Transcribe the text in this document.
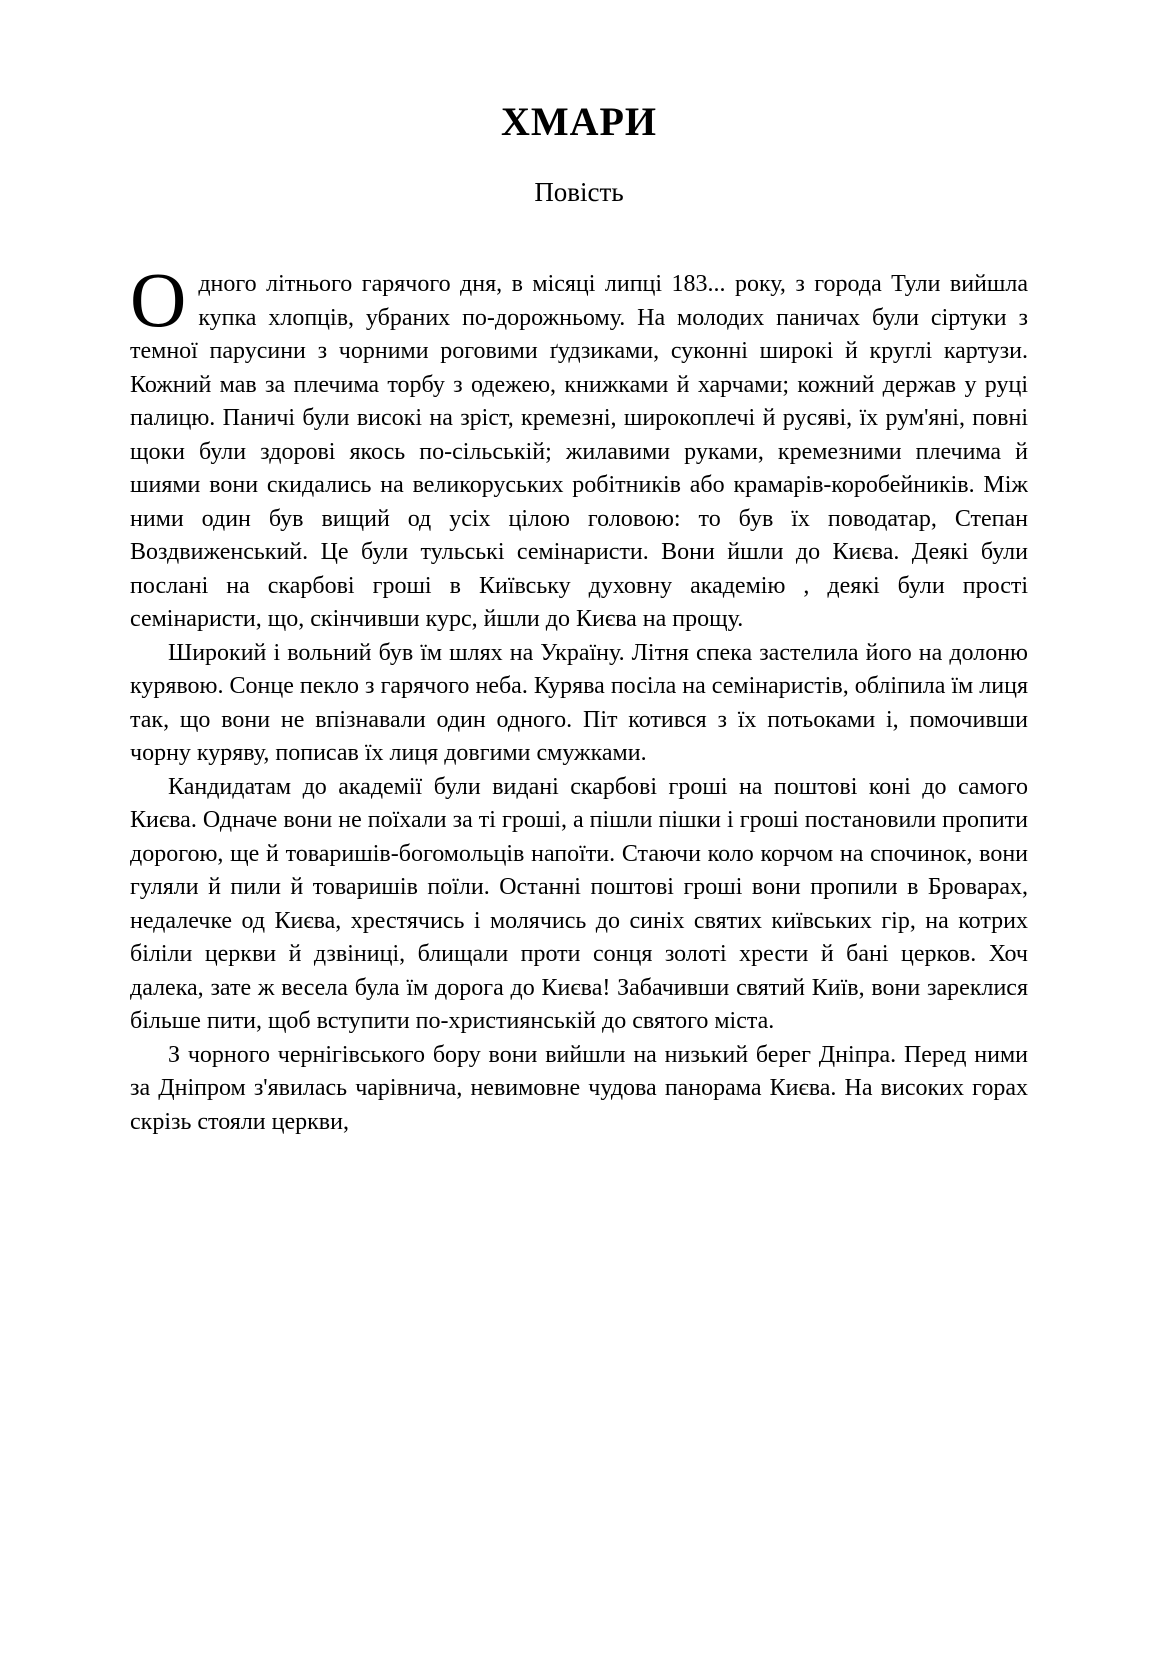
ХМАРИ
Повість

Одного літнього гарячого дня, в місяці липці 183... року, з города Тули вийшла купка хлопців, убраних по-дорожньому. На молодих паничах були сіртуки з темної парусини з чорними роговими ґудзиками, суконні широкі й круглі картузи. Кожний мав за плечима торбу з одежею, книжками й харчами; кожний держав у руці палицю. Паничі були високі на зріст, кремезні, широкоплечі й русяві, їх рум'яні, повні щоки були здорові якось по-сільській; жилавими руками, кремезними плечима й шиями вони скидались на великоруських робітників або крамарів-коробейників. Між ними один був вищий од усіх цілою головою: то був їх поводатар, Степан Воздвиженський. Це були тульські семінаристи. Вони йшли до Києва. Деякі були послані на скарбові гроші в Київську духовну академію , деякі були прості семінаристи, що, скінчивши курс, йшли до Києва на прощу.

Широкий і вольний був їм шлях на Україну. Літня спека застелила його на долоню курявою. Сонце пекло з гарячого неба. Курява посіла на семінаристів, обліпила їм лиця так, що вони не впізнавали один одного. Піт котився з їх потьоками і, помочивши чорну куряву, пописав їх лиця довгими смужками.

Кандидатам до академії були видані скарбові гроші на поштові коні до самого Києва. Одначе вони не поїхали за ті гроші, а пішли пішки і гроші постановили пропити дорогою, ще й товаришів-богомольців напоїти. Стаючи коло корчом на спочинок, вони гуляли й пили й товаришів поїли. Останні поштові гроші вони пропили в Броварах, недалечке од Києва, хрестячись і молячись до синіх святих київських гір, на котрих біліли церкви й дзвіниці, блищали проти сонця золоті хрести й бані церков. Хоч далека, зате ж весела була їм дорога до Києва! Забачивши святий Київ, вони зареклися більше пити, щоб вступити по-християнській до святого міста.

З чорного чернігівського бору вони вийшли на низький берег Дніпра. Перед ними за Дніпром з'явилась чарівнича, невимовне чудова панорама Києва. На високих горах скрізь стояли церкви,
